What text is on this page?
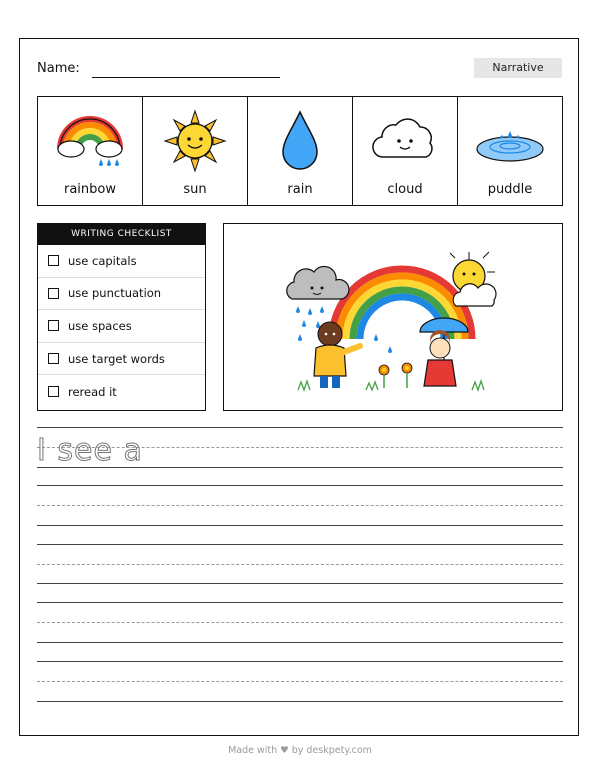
Name:	Narrative
rainbow	sun	rain	cloud	puddle
WRITING CHECKLIST
use capitals
use punctuation
use spaces
use target words
reread it
I see a
Made with ♥ by deskpety.com
